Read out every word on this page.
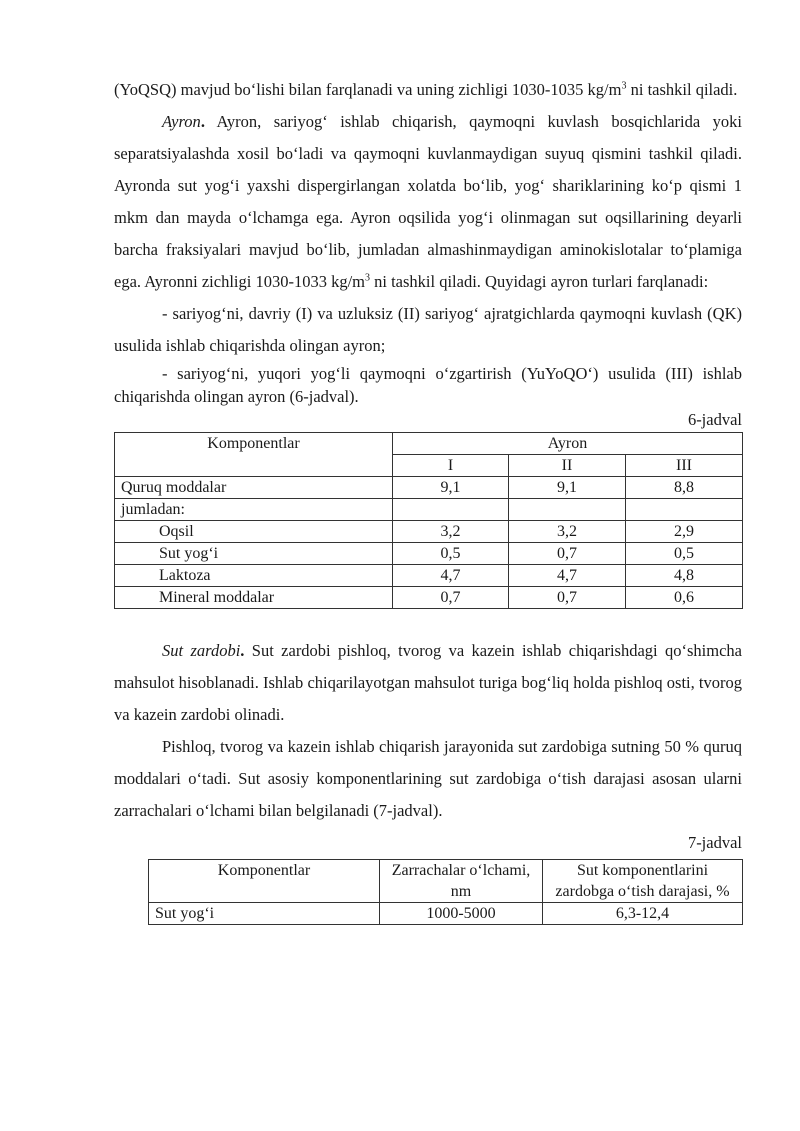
(YoQSQ) mavjud bo‘lishi bilan farqlanadi va uning zichligi 1030-1035 $kg/m^3$ ni tashkil qiladi.

Ayron. Ayron, sariyog‘ ishlab chiqarish, qaymoqni kuvlash bosqichlarida yoki separatsiyalashda xosil bo‘ladi va qaymoqni kuvlanmaydigan suyuq qismini tashkil qiladi. Ayronda sut yog‘i yaxshi dispergirlangan xolatda bo‘lib, yog‘ shariklarining ko‘p qismi 1 mkm dan mayda o‘lchamga ega. Ayron oqsilida yog‘i olinmagan sut oqsillarining deyarli barcha fraksiyalari mavjud bo‘lib, jumladan almashinmaydigan aminokislotalar to‘plamiga ega. Ayronni zichligi 1030-1033 $kg/m^3$ ni tashkil qiladi. Quyidagi ayron turlari farqlanadi:

- sariyog‘ni, davriy (I) va uzluksiz (II) sariyog‘ ajratgichlarda qaymoqni kuvlash (QK) usulida ishlab chiqarishda olingan ayron;

- sariyog‘ni, yuqori yog‘li qaymoqni o‘zgartirish (YuYoQO‘) usulida (III) ishlab chiqarishda olingan ayron (6-jadval).

6-jadval

Komponentlar	Ayron		
	I	II	III
Quruq moddalar	9,1	9,1	8,8
jumladan:			
Oqsil	3,2	3,2	2,9
Sut yog‘i	0,5	0,7	0,5
Laktoza	4,7	4,7	4,8
Mineral moddalar	0,7	0,7	0,6

Sut zardobi. Sut zardobi pishloq, tvorog va kazein ishlab chiqarishdagi qo‘shimcha mahsulot hisoblanadi. Ishlab chiqarilayotgan mahsulot turiga bog‘liq holda pishloq osti, tvorog va kazein zardobi olinadi.

Pishloq, tvorog va kazein ishlab chiqarish jarayonida sut zardobiga sutning 50 % quruq moddalari o‘tadi. Sut asosiy komponentlarining sut zardobiga o‘tish darajasi asosan ularni zarrachalari o‘lchami bilan belgilanadi (7-jadval).

7-jadval

Komponentlar	Zarrachalar o‘lchami, nm	Sut komponentlarini zardobga o‘tish darajasi, %
Sut yog‘i	1000-5000	6,3-12,4
